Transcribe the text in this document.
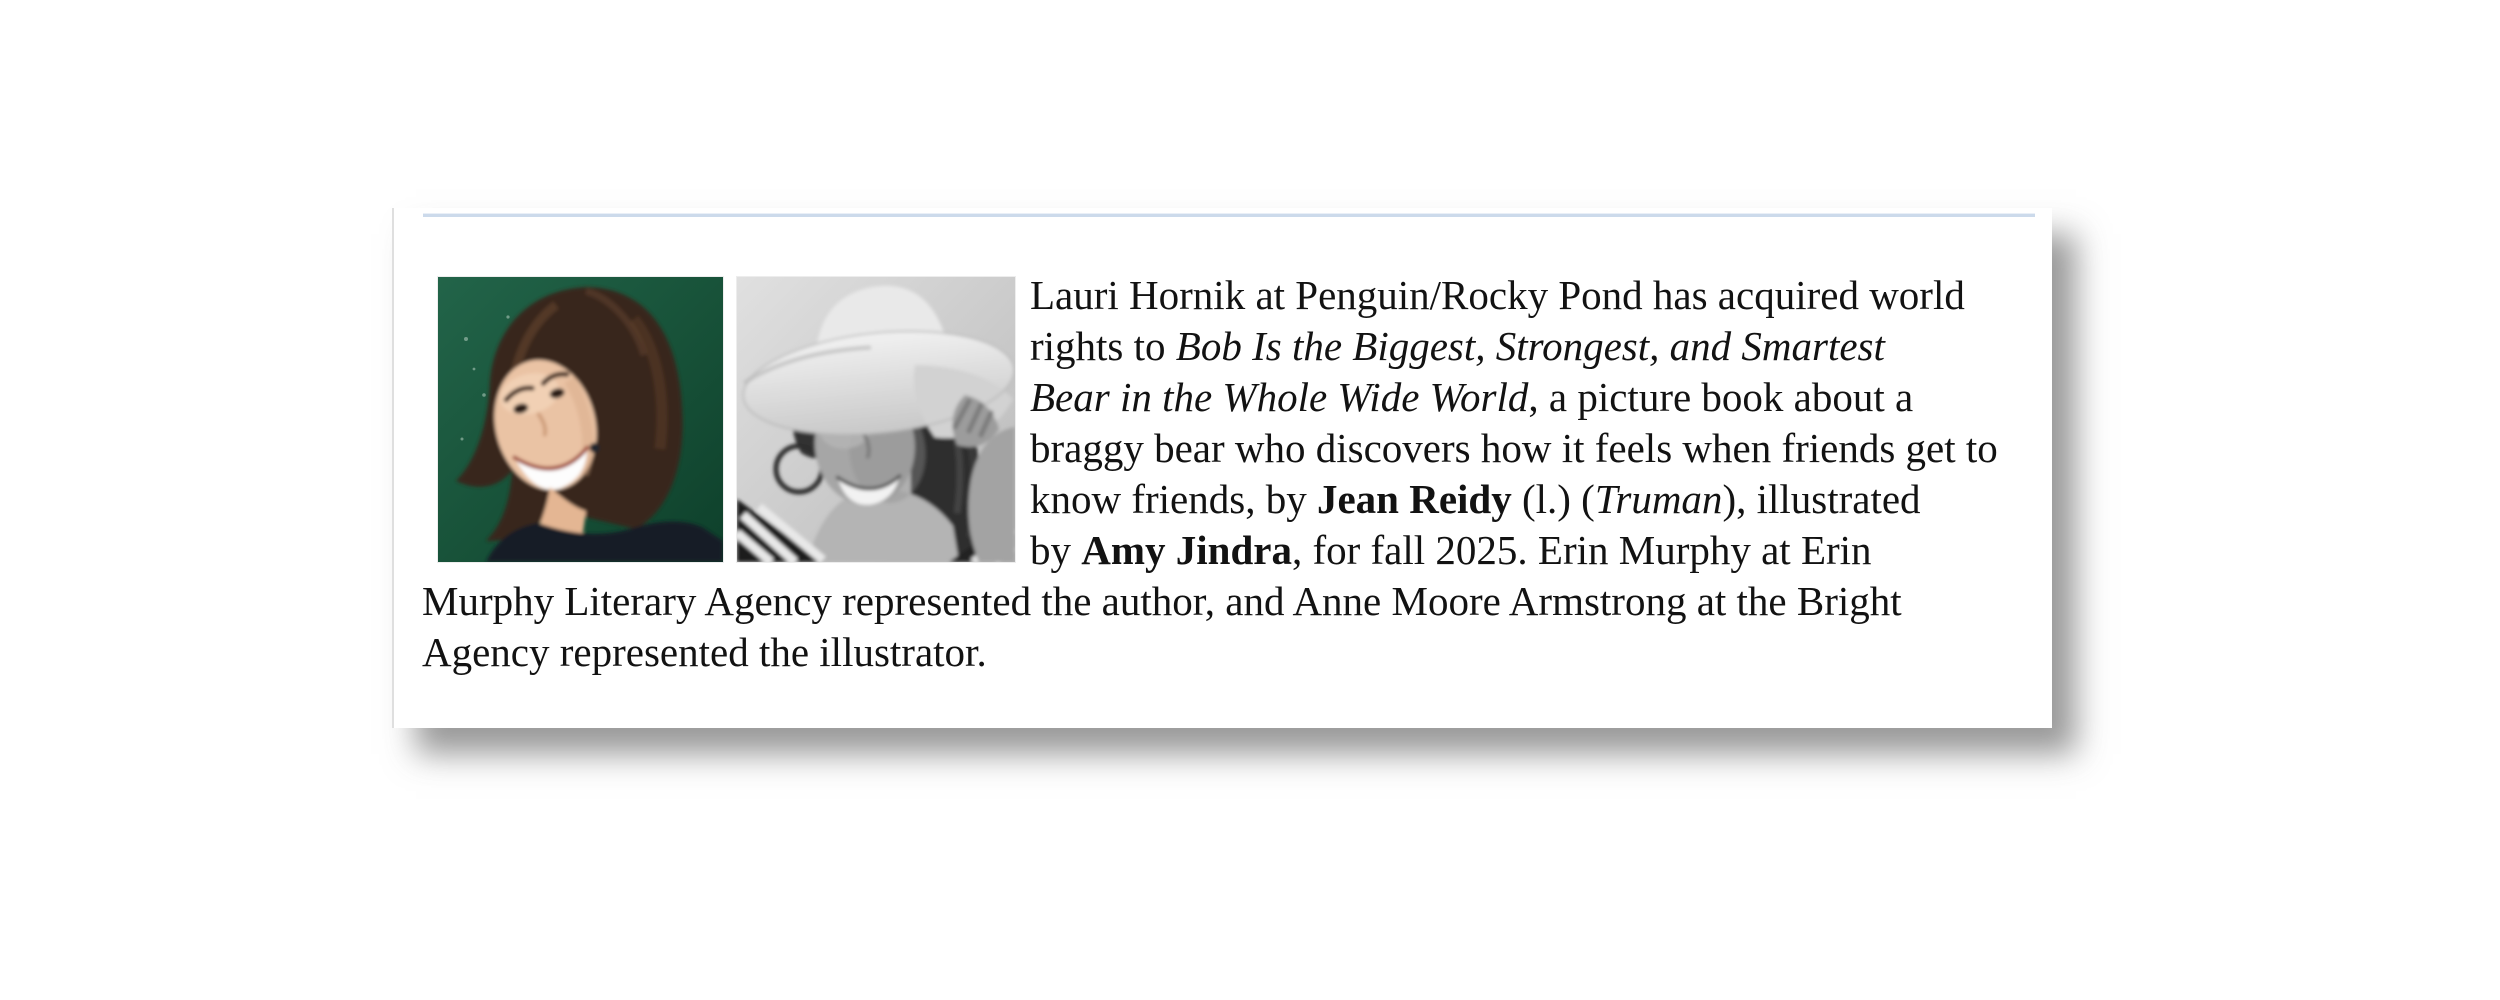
Lauri Hornik at Penguin/Rocky Pond has acquired world
rights to Bob Is the Biggest, Strongest, and Smartest
Bear in the Whole Wide World, a picture book about a
braggy bear who discovers how it feels when friends get to
know friends, by Jean Reidy (l.) (Truman), illustrated
by Amy Jindra, for fall 2025. Erin Murphy at Erin
Murphy Literary Agency represented the author, and Anne Moore Armstrong at the Bright
Agency represented the illustrator.
